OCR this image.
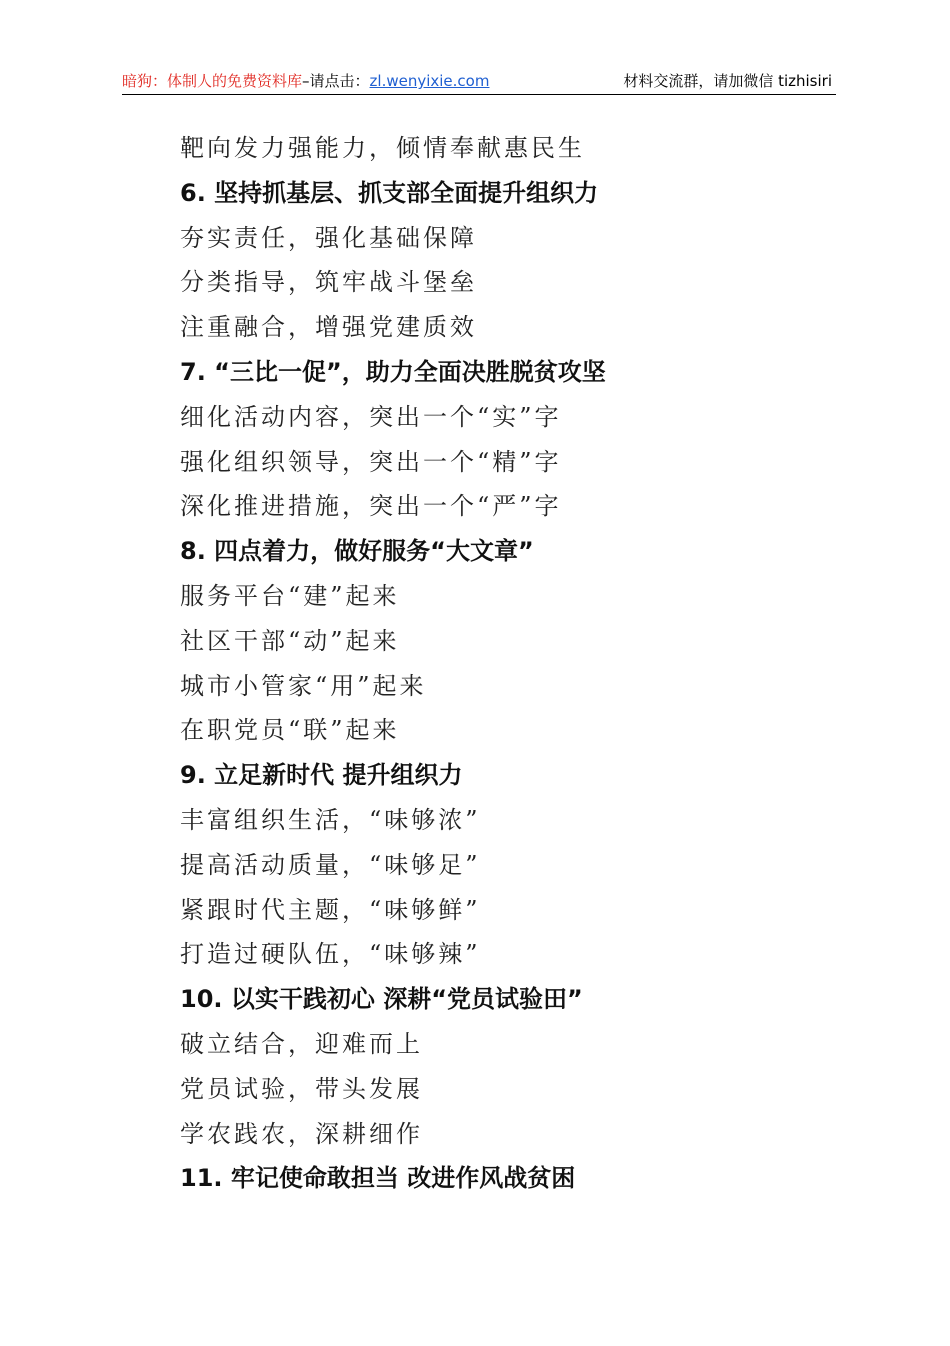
暗狗：体制人的免费资料库–请点击：zl.wenyixie.com	材料交流群，请加微信 tizhisiri
靶向发力强能力，倾情奉献惠民生
6. 坚持抓基层、抓支部全面提升组织力
夯实责任，强化基础保障
分类指导，筑牢战斗堡垒
注重融合，增强党建质效
7. “三比一促”，助力全面决胜脱贫攻坚
细化活动内容，突出一个“实”字
强化组织领导，突出一个“精”字
深化推进措施，突出一个“严”字
8. 四点着力，做好服务“大文章”
服务平台“建”起来
社区干部“动”起来
城市小管家“用”起来
在职党员“联”起来
9. 立足新时代 提升组织力
丰富组织生活，“味够浓”
提高活动质量，“味够足”
紧跟时代主题，“味够鲜”
打造过硬队伍，“味够辣”
10. 以实干践初心 深耕“党员试验田”
破立结合，迎难而上
党员试验，带头发展
学农践农，深耕细作
11. 牢记使命敢担当 改进作风战贫困
